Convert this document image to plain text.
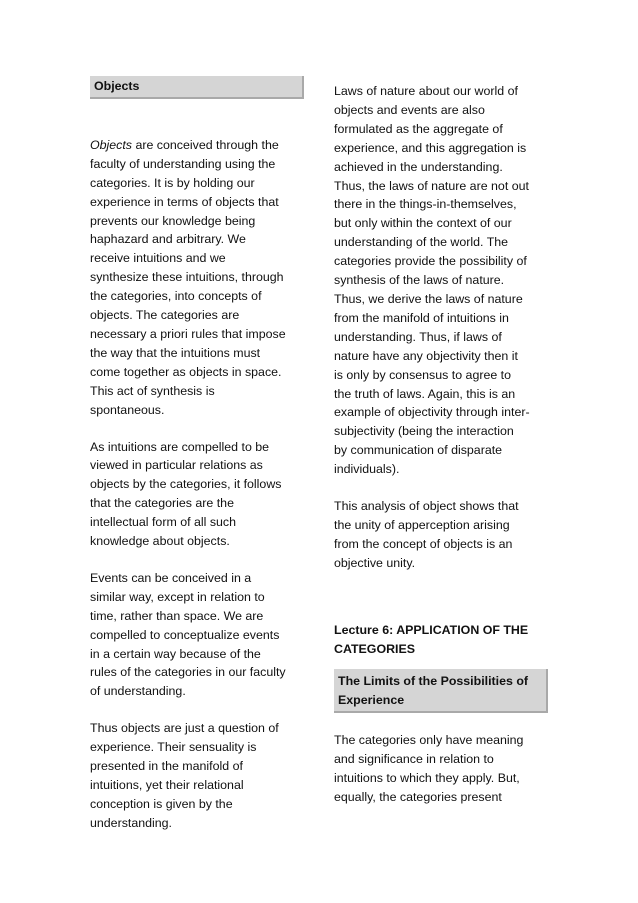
Objects

Objects are conceived through the
faculty of understanding using the
categories. It is by holding our
experience in terms of objects that
prevents our knowledge being
haphazard and arbitrary. We
receive intuitions and we
synthesize these intuitions, through
the categories, into concepts of
objects. The categories are
necessary a priori rules that impose
the way that the intuitions must
come together as objects in space.
This act of synthesis is
spontaneous.

As intuitions are compelled to be
viewed in particular relations as
objects by the categories, it follows
that the categories are the
intellectual form of all such
knowledge about objects.

Events can be conceived in a
similar way, except in relation to
time, rather than space. We are
compelled to conceptualize events
in a certain way because of the
rules of the categories in our faculty
of understanding.

Thus objects are just a question of
experience. Their sensuality is
presented in the manifold of
intuitions, yet their relational
conception is given by the
understanding.

Laws of nature about our world of
objects and events are also
formulated as the aggregate of
experience, and this aggregation is
achieved in the understanding.
Thus, the laws of nature are not out
there in the things-in-themselves,
but only within the context of our
understanding of the world. The
categories provide the possibility of
synthesis of the laws of nature.
Thus, we derive the laws of nature
from the manifold of intuitions in
understanding. Thus, if laws of
nature have any objectivity then it
is only by consensus to agree to
the truth of laws. Again, this is an
example of objectivity through inter-
subjectivity (being the interaction
by communication of disparate
individuals).

This analysis of object shows that
the unity of apperception arising
from the concept of objects is an
objective unity.

Lecture 6: APPLICATION OF THE
CATEGORIES

The Limits of the Possibilities of
Experience

The categories only have meaning
and significance in relation to
intuitions to which they apply. But,
equally, the categories present
